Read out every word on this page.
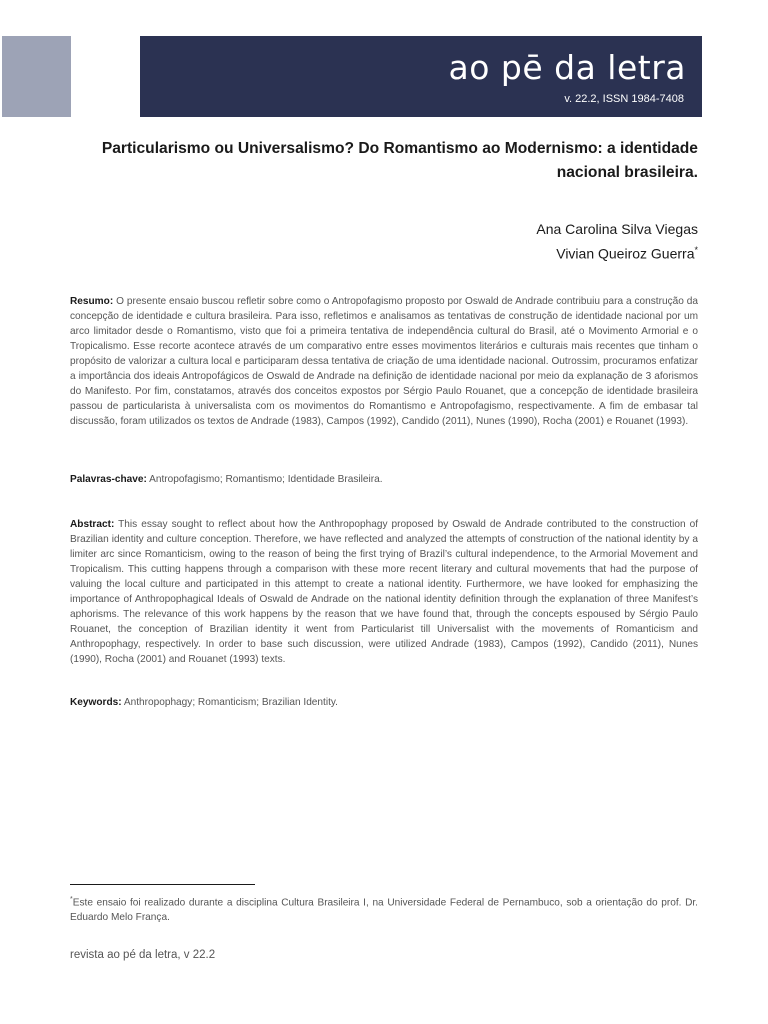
ao pē da letra
v. 22.2, ISSN 1984-7408
Particularismo ou Universalismo? Do Romantismo ao Modernismo: a identidade nacional brasileira.
Ana Carolina Silva Viegas
Vivian Queiroz Guerra*

Resumo: O presente ensaio buscou refletir sobre como o Antropofagismo proposto por Oswald de Andrade contribuiu para a construção da concepção de identidade e cultura brasileira. Para isso, refletimos e analisamos as tentativas de construção de identidade nacional por um arco limitador desde o Romantismo, visto que foi a primeira tentativa de independência cultural do Brasil, até o Movimento Armorial e o Tropicalismo. Esse recorte acontece através de um comparativo entre esses movimentos literários e culturais mais recentes que tinham o propósito de valorizar a cultura local e participaram dessa tentativa de criação de uma identidade nacional. Outrossim, procuramos enfatizar a importância dos ideais Antropofágicos de Oswald de Andrade na definição de identidade nacional por meio da explanação de 3 aforismos do Manifesto. Por fim, constatamos, através dos conceitos expostos por Sérgio Paulo Rouanet, que a concepção de identidade brasileira passou de particularista à universalista com os movimentos do Romantismo e Antropofagismo, respectivamente. A fim de embasar tal discussão, foram utilizados os textos de Andrade (1983), Campos (1992), Candido (2011), Nunes (1990), Rocha (2001) e Rouanet (1993).

Palavras-chave: Antropofagismo; Romantismo; Identidade Brasileira.

Abstract: This essay sought to reflect about how the Anthropophagy proposed by Oswald de Andrade contributed to the construction of Brazilian identity and culture conception. Therefore, we have reflected and analyzed the attempts of construction of the national identity by a limiter arc since Romanticism, owing to the reason of being the first trying of Brazil’s cultural independence, to the Armorial Movement and Tropicalism. This cutting happens through a comparison with these more recent literary and cultural movements that had the purpose of valuing the local culture and participated in this attempt to create a national identity. Furthermore, we have looked for emphasizing the importance of Anthropophagical Ideals of Oswald de Andrade on the national identity definition through the explanation of three Manifest’s aphorisms. The relevance of this work happens by the reason that we have found that, through the concepts espoused by Sérgio Paulo Rouanet, the conception of Brazilian identity it went from Particularist till Universalist with the movements of Romanticism and Anthropophagy, respectively. In order to base such discussion, were utilized Andrade (1983), Campos (1992), Candido (2011), Nunes (1990), Rocha (2001) and Rouanet (1993) texts.

Keywords: Anthropophagy; Romanticism; Brazilian Identity.

*Este ensaio foi realizado durante a disciplina Cultura Brasileira I, na Universidade Federal de Pernambuco, sob a orientação do prof. Dr. Eduardo Melo França.
revista ao pé da letra, v 22.2
